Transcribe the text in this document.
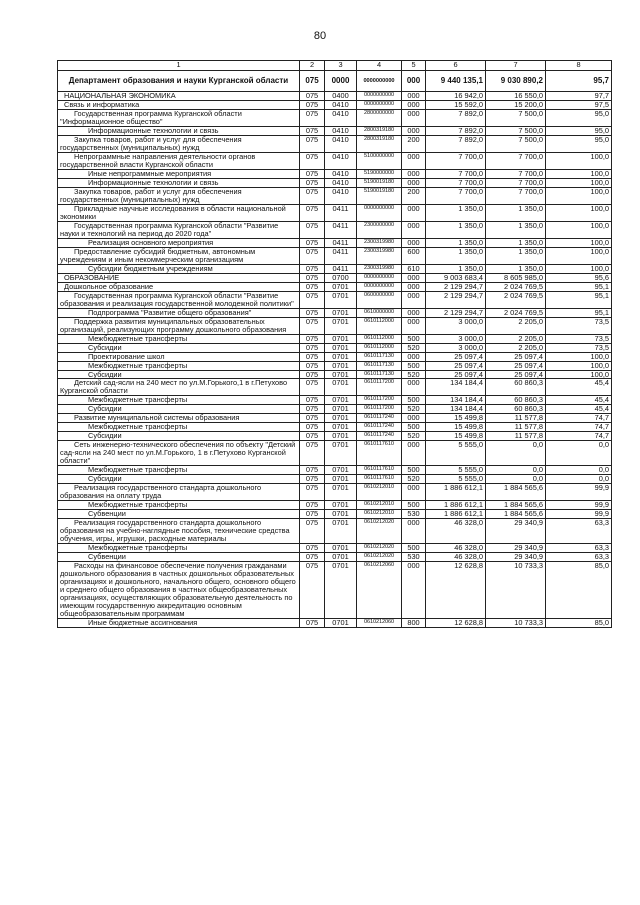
80
1	2	3	4	5	6	7	8
Департамент образования и науки Курганской области	075	0000	0000000000	000	9 440 135,1	9 030 890,2	95,7
НАЦИОНАЛЬНАЯ ЭКОНОМИКА	075	0400	0000000000	000	16 942,0	16 550,0	97,7
Связь и информатика	075	0410	0000000000	000	15 592,0	15 200,0	97,5
Государственная программа Курганской области "Информационное общество"	075	0410	2800000000	000	7 892,0	7 500,0	95,0
Информационные технологии и связь	075	0410	2800319180	000	7 892,0	7 500,0	95,0
Закупка товаров, работ и услуг для обеспечения государственных (муниципальных) нужд	075	0410	2800319180	200	7 892,0	7 500,0	95,0
Непрограммные направления деятельности органов государственной власти Курганской области	075	0410	5100000000	000	7 700,0	7 700,0	100,0
Иные непрограммные мероприятия	075	0410	5190000000	000	7 700,0	7 700,0	100,0
Информационные технологии и связь	075	0410	5190019180	000	7 700,0	7 700,0	100,0
Закупка товаров, работ и услуг для обеспечения государственных (муниципальных) нужд	075	0410	5190019180	200	7 700,0	7 700,0	100,0
Прикладные научные исследования в области национальной экономики	075	0411	0000000000	000	1 350,0	1 350,0	100,0
Государственная программа Курганской области "Развитие науки и технологий на период до 2020 года"	075	0411	2300000000	000	1 350,0	1 350,0	100,0
Реализация основного мероприятия	075	0411	2300319980	000	1 350,0	1 350,0	100,0
Предоставление субсидий бюджетным, автономным учреждениям и иным некоммерческим организациям	075	0411	2300319980	600	1 350,0	1 350,0	100,0
Субсидии бюджетным учреждениям	075	0411	2300319980	610	1 350,0	1 350,0	100,0
ОБРАЗОВАНИЕ	075	0700	0000000000	000	9 003 683,4	8 605 985,0	95,6
Дошкольное образование	075	0701	0000000000	000	2 129 294,7	2 024 769,5	95,1
Государственная программа Курганской области "Развитие образования и реализация государственной молодежной политики"	075	0701	0600000000	000	2 129 294,7	2 024 769,5	95,1
Подпрограмма "Развитие общего образования"	075	0701	0610000000	000	2 129 294,7	2 024 769,5	95,1
Поддержка развития муниципальных образовательных организаций, реализующих программу дошкольного образования	075	0701	0610112000	000	3 000,0	2 205,0	73,5
Межбюджетные трансферты	075	0701	0610112000	500	3 000,0	2 205,0	73,5
Субсидии	075	0701	0610112000	520	3 000,0	2 205,0	73,5
Проектирование школ	075	0701	0610117130	000	25 097,4	25 097,4	100,0
Межбюджетные трансферты	075	0701	0610117130	500	25 097,4	25 097,4	100,0
Субсидии	075	0701	0610117130	520	25 097,4	25 097,4	100,0
Детский сад-ясли на 240 мест по ул.М.Горького,1 в г.Петухово Курганской области	075	0701	0610117200	000	134 184,4	60 860,3	45,4
Межбюджетные трансферты	075	0701	0610117200	500	134 184,4	60 860,3	45,4
Субсидии	075	0701	0610117200	520	134 184,4	60 860,3	45,4
Развитие муниципальной системы образования	075	0701	0610117240	000	15 499,8	11 577,8	74,7
Межбюджетные трансферты	075	0701	0610117240	500	15 499,8	11 577,8	74,7
Субсидии	075	0701	0610117240	520	15 499,8	11 577,8	74,7
Сеть инженерно-технического обеспечения по объекту "Детский сад-ясли на 240 мест по ул.М.Горького, 1 в г.Петухово Курганской области"	075	0701	0610117610	000	5 555,0	0,0	0,0
Межбюджетные трансферты	075	0701	0610117610	500	5 555,0	0,0	0,0
Субсидии	075	0701	0610117610	520	5 555,0	0,0	0,0
Реализация государственного стандарта дошкольного образования на оплату труда	075	0701	0610212010	000	1 886 612,1	1 884 565,6	99,9
Межбюджетные трансферты	075	0701	0610212010	500	1 886 612,1	1 884 565,6	99,9
Субвенции	075	0701	0610212010	530	1 886 612,1	1 884 565,6	99,9
Реализация государственного стандарта дошкольного образования на учебно-наглядные пособия, технические средства обучения, игры, игрушки, расходные материалы	075	0701	0610212020	000	46 328,0	29 340,9	63,3
Межбюджетные трансферты	075	0701	0610212020	500	46 328,0	29 340,9	63,3
Субвенции	075	0701	0610212020	530	46 328,0	29 340,9	63,3
Расходы на финансовое обеспечение получения гражданами дошкольного образования в частных дошкольных образовательных организациях и дошкольного, начального общего, основного общего и среднего общего образования в частных общеобразовательных организациях, осуществляющих образовательную деятельность по имеющим государственную аккредитацию основным общеобразовательным программам	075	0701	0610212060	000	12 628,8	10 733,3	85,0
Иные бюджетные ассигнования	075	0701	0610212060	800	12 628,8	10 733,3	85,0
